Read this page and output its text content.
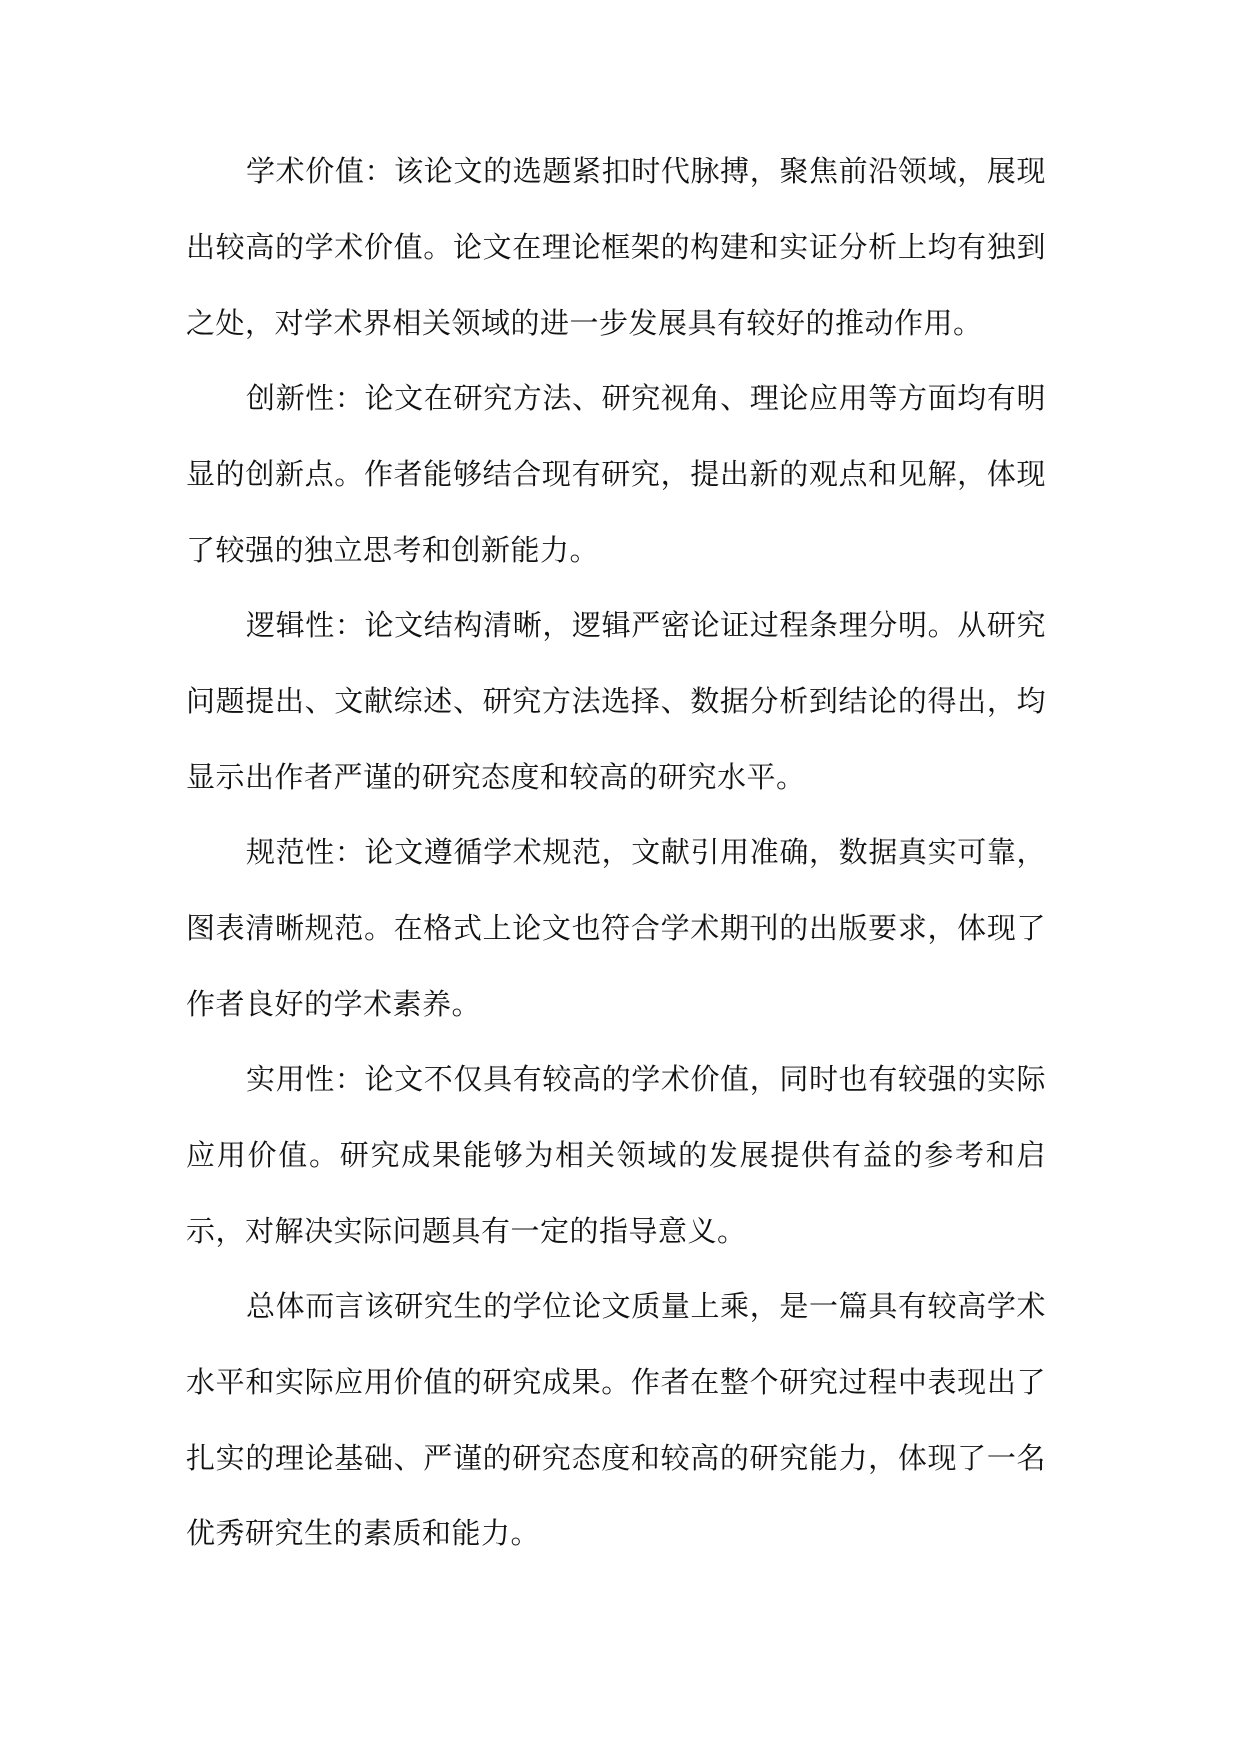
学术价值：该论文的选题紧扣时代脉搏，聚焦前沿领域，展现出较高的学术价值。论文在理论框架的构建和实证分析上均有独到之处，对学术界相关领域的进一步发展具有较好的推动作用。

创新性：论文在研究方法、研究视角、理论应用等方面均有明显的创新点。作者能够结合现有研究，提出新的观点和见解，体现了较强的独立思考和创新能力。

逻辑性：论文结构清晰，逻辑严密论证过程条理分明。从研究问题提出、文献综述、研究方法选择、数据分析到结论的得出，均显示出作者严谨的研究态度和较高的研究水平。

规范性：论文遵循学术规范，文献引用准确，数据真实可靠，图表清晰规范。在格式上论文也符合学术期刊的出版要求，体现了作者良好的学术素养。

实用性：论文不仅具有较高的学术价值，同时也有较强的实际应用价值。研究成果能够为相关领域的发展提供有益的参考和启示，对解决实际问题具有一定的指导意义。

总体而言该研究生的学位论文质量上乘，是一篇具有较高学术水平和实际应用价值的研究成果。作者在整个研究过程中表现出了扎实的理论基础、严谨的研究态度和较高的研究能力，体现了一名优秀研究生的素质和能力。
